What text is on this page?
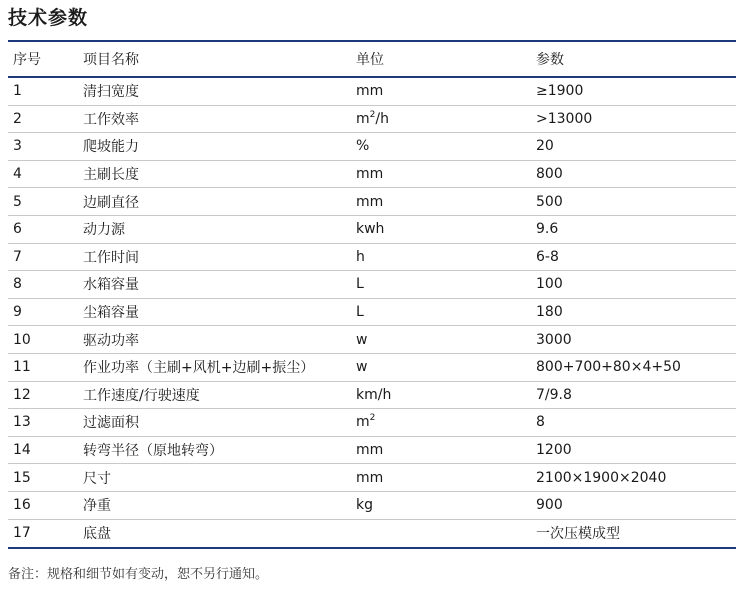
技术参数
序号	项目名称	单位	参数
1	清扫宽度	mm	≥1900
2	工作效率	$m^2/h$	>13000
3	爬坡能力	%	20
4	主刷长度	mm	800
5	边刷直径	mm	500
6	动力源	kwh	9.6
7	工作时间	h	6-8
8	水箱容量	L	100
9	尘箱容量	L	180
10	驱动功率	w	3000
11	作业功率（主刷+风机+边刷+振尘）	w	800+700+80×4+50
12	工作速度/行驶速度	km/h	7/9.8
13	过滤面积	$m^2$	8
14	转弯半径（原地转弯）	mm	1200
15	尺寸	mm	2100×1900×2040
16	净重	kg	900
17	底盘		一次压模成型
备注：规格和细节如有变动，恕不另行通知。
